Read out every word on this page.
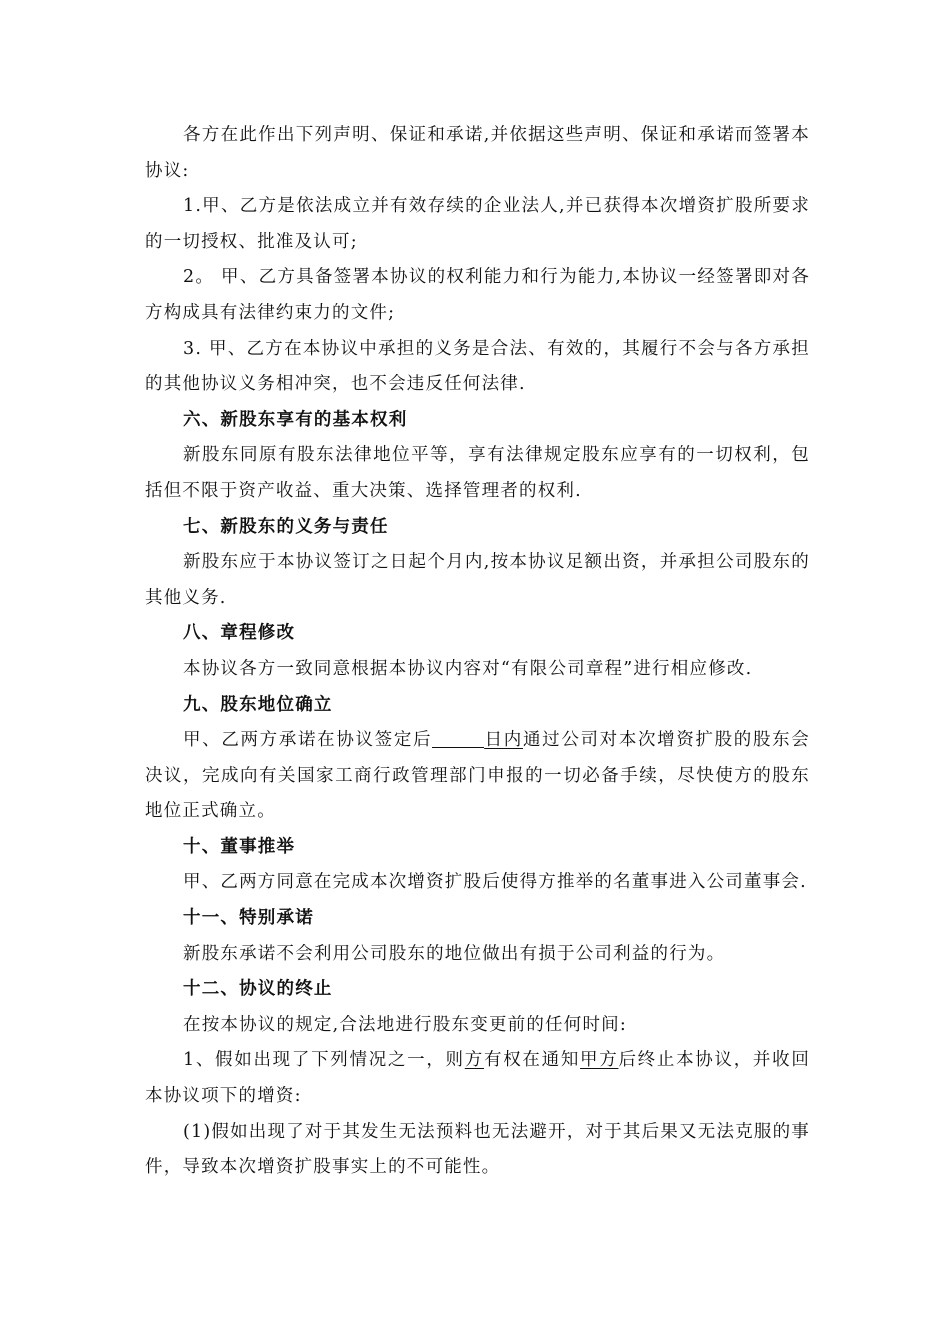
各方在此作出下列声明、保证和承诺,并依据这些声明、保证和承诺而签署本协议:

1.甲、乙方是依法成立并有效存续的企业法人,并已获得本次增资扩股所要求的一切授权、批准及认可;

2。 甲、乙方具备签署本协议的权利能力和行为能力,本协议一经签署即对各方构成具有法律约束力的文件;

3. 甲、乙方在本协议中承担的义务是合法、有效的，其履行不会与各方承担的其他协议义务相冲突，也不会违反任何法律.

六、新股东享有的基本权利

新股东同原有股东法律地位平等，享有法律规定股东应享有的一切权利，包括但不限于资产收益、重大决策、选择管理者的权利.

七、新股东的义务与责任

新股东应于本协议签订之日起个月内,按本协议足额出资，并承担公司股东的其他义务.

八、章程修改

本协议各方一致同意根据本协议内容对“有限公司章程”进行相应修改.

九、股东地位确立

甲、乙两方承诺在协议签定后	日内通过公司对本次增资扩股的股东会决议，完成向有关国家工商行政管理部门申报的一切必备手续，尽快使方的股东地位正式确立。

十、董事推举

甲、乙两方同意在完成本次增资扩股后使得方推举的名董事进入公司董事会.

十一、特别承诺

新股东承诺不会利用公司股东的地位做出有损于公司利益的行为。

十二、协议的终止

在按本协议的规定,合法地进行股东变更前的任何时间:

1、假如出现了下列情况之一，则方有权在通知甲方后终止本协议，并收回本协议项下的增资:

(1)假如出现了对于其发生无法预料也无法避开，对于其后果又无法克服的事件，导致本次增资扩股事实上的不可能性。
